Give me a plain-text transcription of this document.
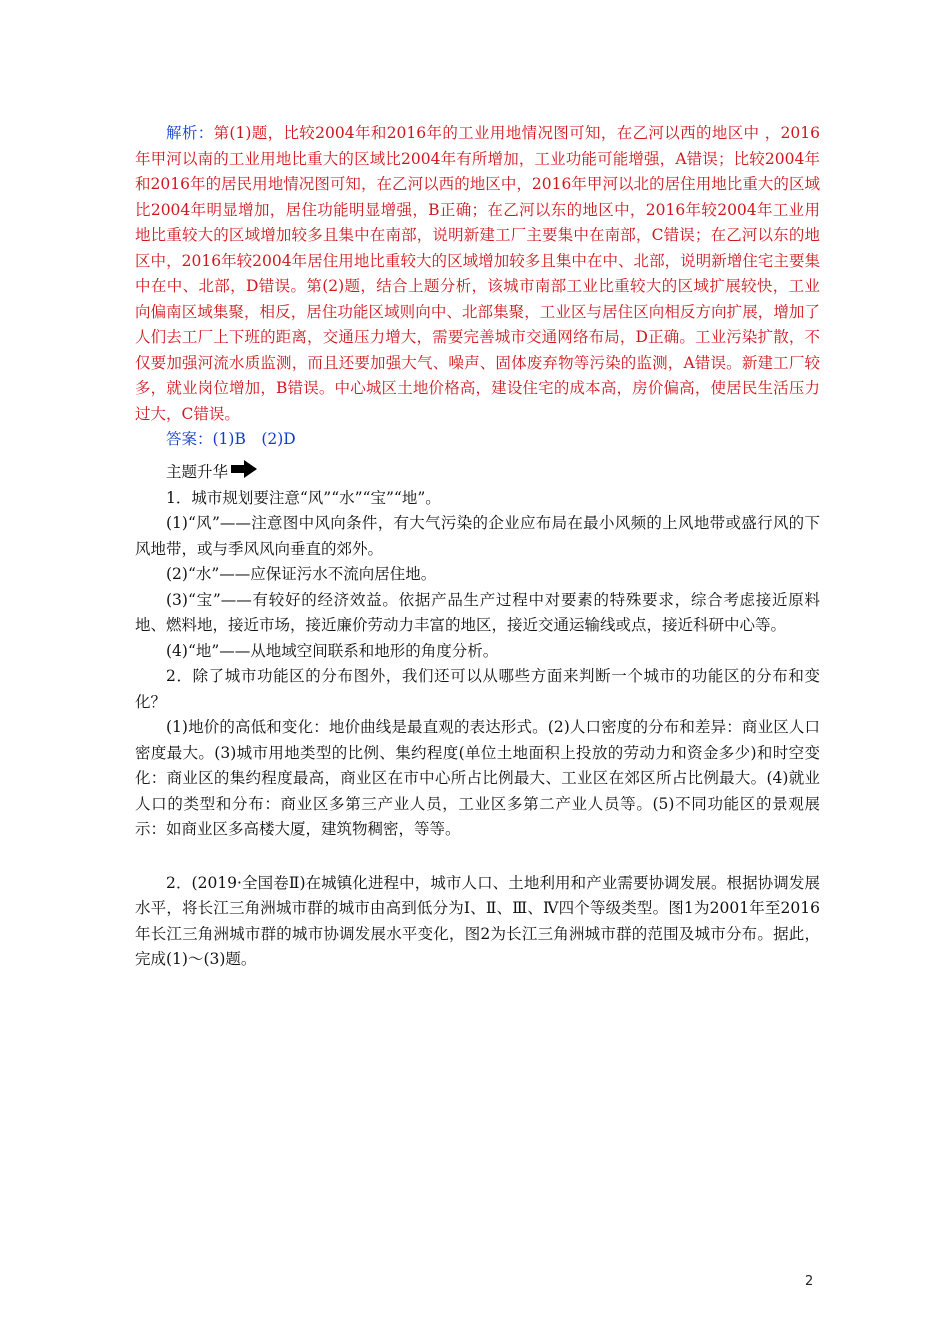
解析：第(1)题，比较2004年和2016年的工业用地情况图可知，在乙河以西的地区中 ，2016年甲河以南的工业用地比重大的区域比2004年有所增加，工业功能可能增强，A错误；比较2004年和2016年的居民用地情况图可知，在乙河以西的地区中，2016年甲河以北的居住用地比重大的区域比2004年明显增加，居住功能明显增强，B正确；在乙河以东的地区中，2016年较2004年工业用地比重较大的区域增加较多且集中在南部，说明新建工厂主要集中在南部，C错误；在乙河以东的地区中，2016年较2004年居住用地比重较大的区域增加较多且集中在中、北部，说明新增住宅主要集中在中、北部，D错误。第(2)题，结合上题分析，该城市南部工业比重较大的区域扩展较快，工业向偏南区域集聚，相反，居住功能区域则向中、北部集聚，工业区与居住区向相反方向扩展，增加了人们去工厂上下班的距离，交通压力增大，需要完善城市交通网络布局，D正确。工业污染扩散，不仅要加强河流水质监测，而且还要加强大气、噪声、固体废弃物等污染的监测，A错误。新建工厂较多，就业岗位增加，B错误。中心城区土地价格高，建设住宅的成本高，房价偏高，使居民生活压力过大，C错误。

答案：(1)B　(2)D

主题升华

1．城市规划要注意“风”“水”“宝”“地”。

(1)“风”——注意图中风向条件，有大气污染的企业应布局在最小风频的上风地带或盛行风的下风地带，或与季风风向垂直的郊外。

(2)“水”——应保证污水不流向居住地。

(3)“宝”——有较好的经济效益。依据产品生产过程中对要素的特殊要求，综合考虑接近原料地、燃料地，接近市场，接近廉价劳动力丰富的地区，接近交通运输线或点，接近科研中心等。

(4)“地”——从地域空间联系和地形的角度分析。

2．除了城市功能区的分布图外，我们还可以从哪些方面来判断一个城市的功能区的分布和变化？

(1)地价的高低和变化：地价曲线是最直观的表达形式。(2)人口密度的分布和差异：商业区人口密度最大。(3)城市用地类型的比例、集约程度(单位土地面积上投放的劳动力和资金多少)和时空变化：商业区的集约程度最高，商业区在市中心所占比例最大、工业区在郊区所占比例最大。(4)就业人口的类型和分布：商业区多第三产业人员，工业区多第二产业人员等。(5)不同功能区的景观展示：如商业区多高楼大厦，建筑物稠密，等等。

2．(2019·全国卷Ⅱ)在城镇化进程中，城市人口、土地利用和产业需要协调发展。根据协调发展水平，将长江三角洲城市群的城市由高到低分为Ⅰ、Ⅱ、Ⅲ、Ⅳ四个等级类型。图1为2001年至2016年长江三角洲城市群的城市协调发展水平变化，图2为长江三角洲城市群的范围及城市分布。据此，完成(1)～(3)题。

2
